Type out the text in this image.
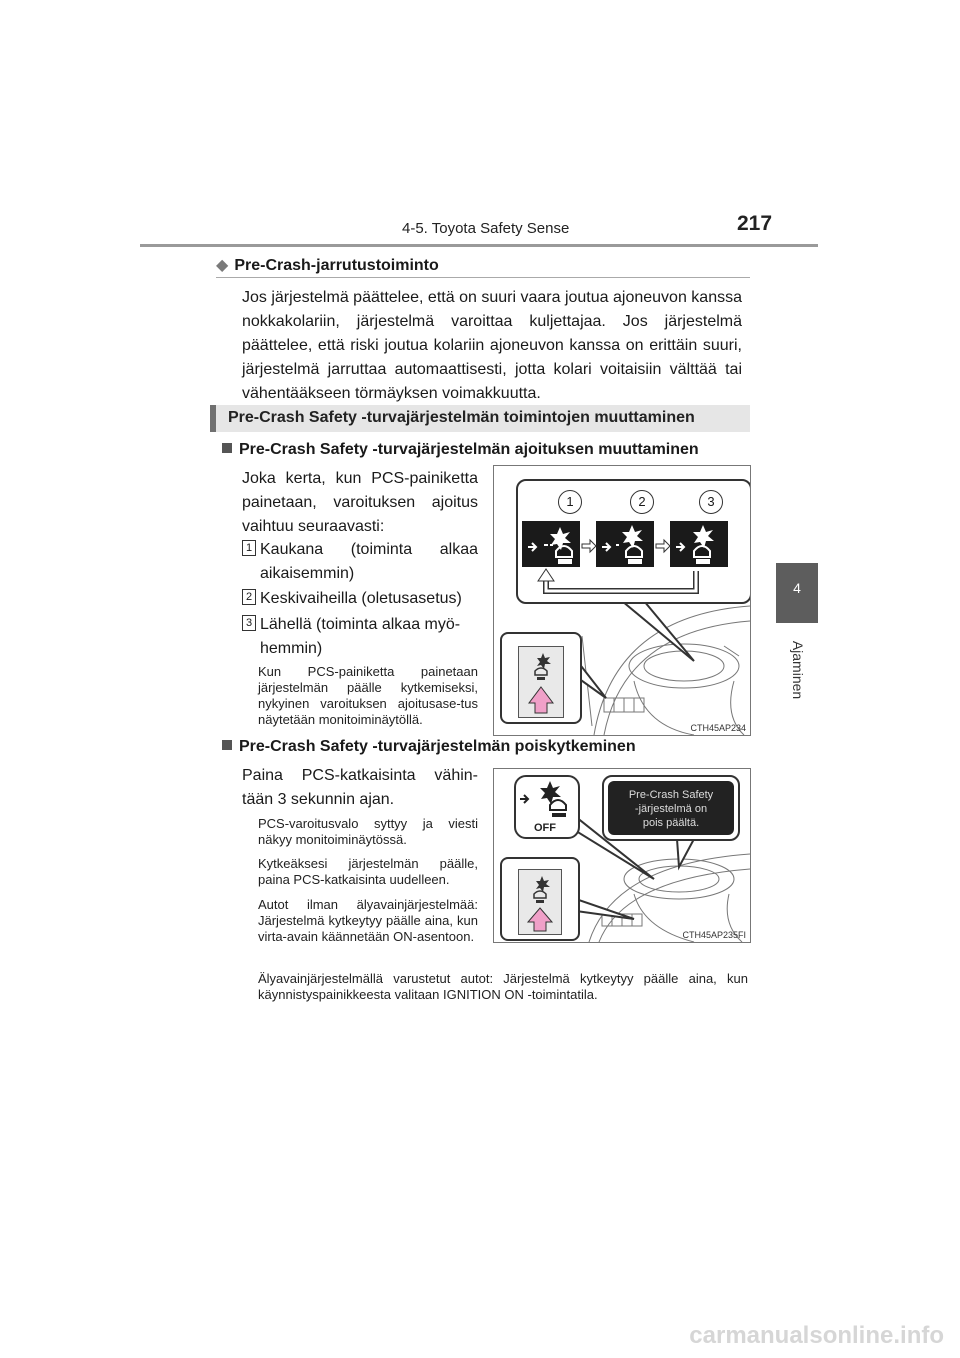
4-5. Toyota Safety Sense	217
4
Ajaminen
◆ Pre-Crash-jarrutustoiminto
Jos järjestelmä päättelee, että on suuri vaara joutua ajoneuvon kanssa nokkakolariin, järjestelmä varoittaa kuljettajaa. Jos järjestelmä päättelee, että riski joutua kolariin ajoneuvon kanssa on erittäin suuri, järjestelmä jarruttaa automaattisesti, jotta kolari voitaisiin välttää tai vähentääkseen törmäyksen voimakkuutta.
Pre-Crash Safety -turvajärjestelmän toimintojen muuttaminen
Pre-Crash Safety -turvajärjestelmän ajoituksen muuttaminen
Joka kerta, kun PCS-painiketta painetaan, varoituksen ajoitus vaihtuu seuraavasti:
1 Kaukana (toiminta alkaa aikaisemmin)
2 Keskivaiheilla (oletusasetus)
3 Lähellä (toiminta alkaa myö-hemmin)
Kun PCS-painiketta painetaan järjestelmän päälle kytkemiseksi, nykyinen varoituksen ajoitusase-tus näytetään monitoiminäytöllä.
1	2	3
CTH45AP234
Pre-Crash Safety -turvajärjestelmän poiskytkeminen
Paina PCS-katkaisinta vähin-tään 3 sekunnin ajan.
PCS-varoitusvalo syttyy ja viesti näkyy monitoiminäytössä.
Kytkeäksesi järjestelmän päälle, paina PCS-katkaisinta uudelleen.
Autot ilman älyavainjärjestelmää: Järjestelmä kytkeytyy päälle aina, kun virta-avain käännetään ON-asentoon.
Älyavainjärjestelmällä varustetut autot: Järjestelmä kytkeytyy päälle aina, kun käynnistyspainikkeesta valitaan IGNITION ON -toimintatila.
OFF
Pre-Crash Safety
-järjestelmä on
pois päältä.
CTH45AP235FI
carmanualsonline.info
